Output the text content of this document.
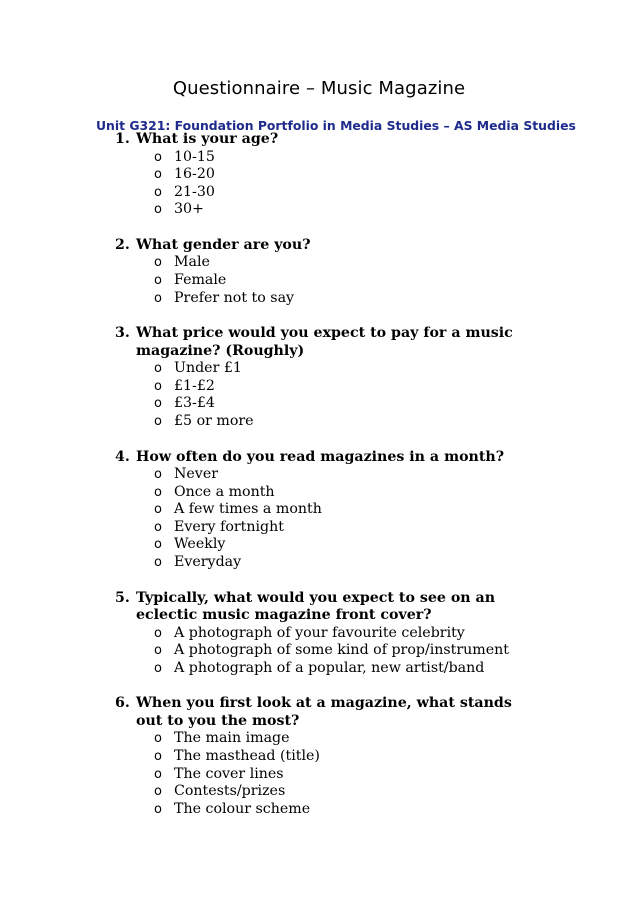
Questionnaire – Music Magazine

Unit G321: Foundation Portfolio in Media Studies – AS Media Studies

1. What is your age?
o 10-15
o 16-20
o 21-30
o 30+
2. What gender are you?
o Male
o Female
o Prefer not to say
3. What price would you expect to pay for a music magazine? (Roughly)
o Under £1
o £1-£2
o £3-£4
o £5 or more
4. How often do you read magazines in a month?
o Never
o Once a month
o A few times a month
o Every fortnight
o Weekly
o Everyday
5. Typically, what would you expect to see on an eclectic music magazine front cover?
o A photograph of your favourite celebrity
o A photograph of some kind of prop/instrument
o A photograph of a popular, new artist/band
6. When you first look at a magazine, what stands out to you the most?
o The main image
o The masthead (title)
o The cover lines
o Contests/prizes
o The colour scheme
